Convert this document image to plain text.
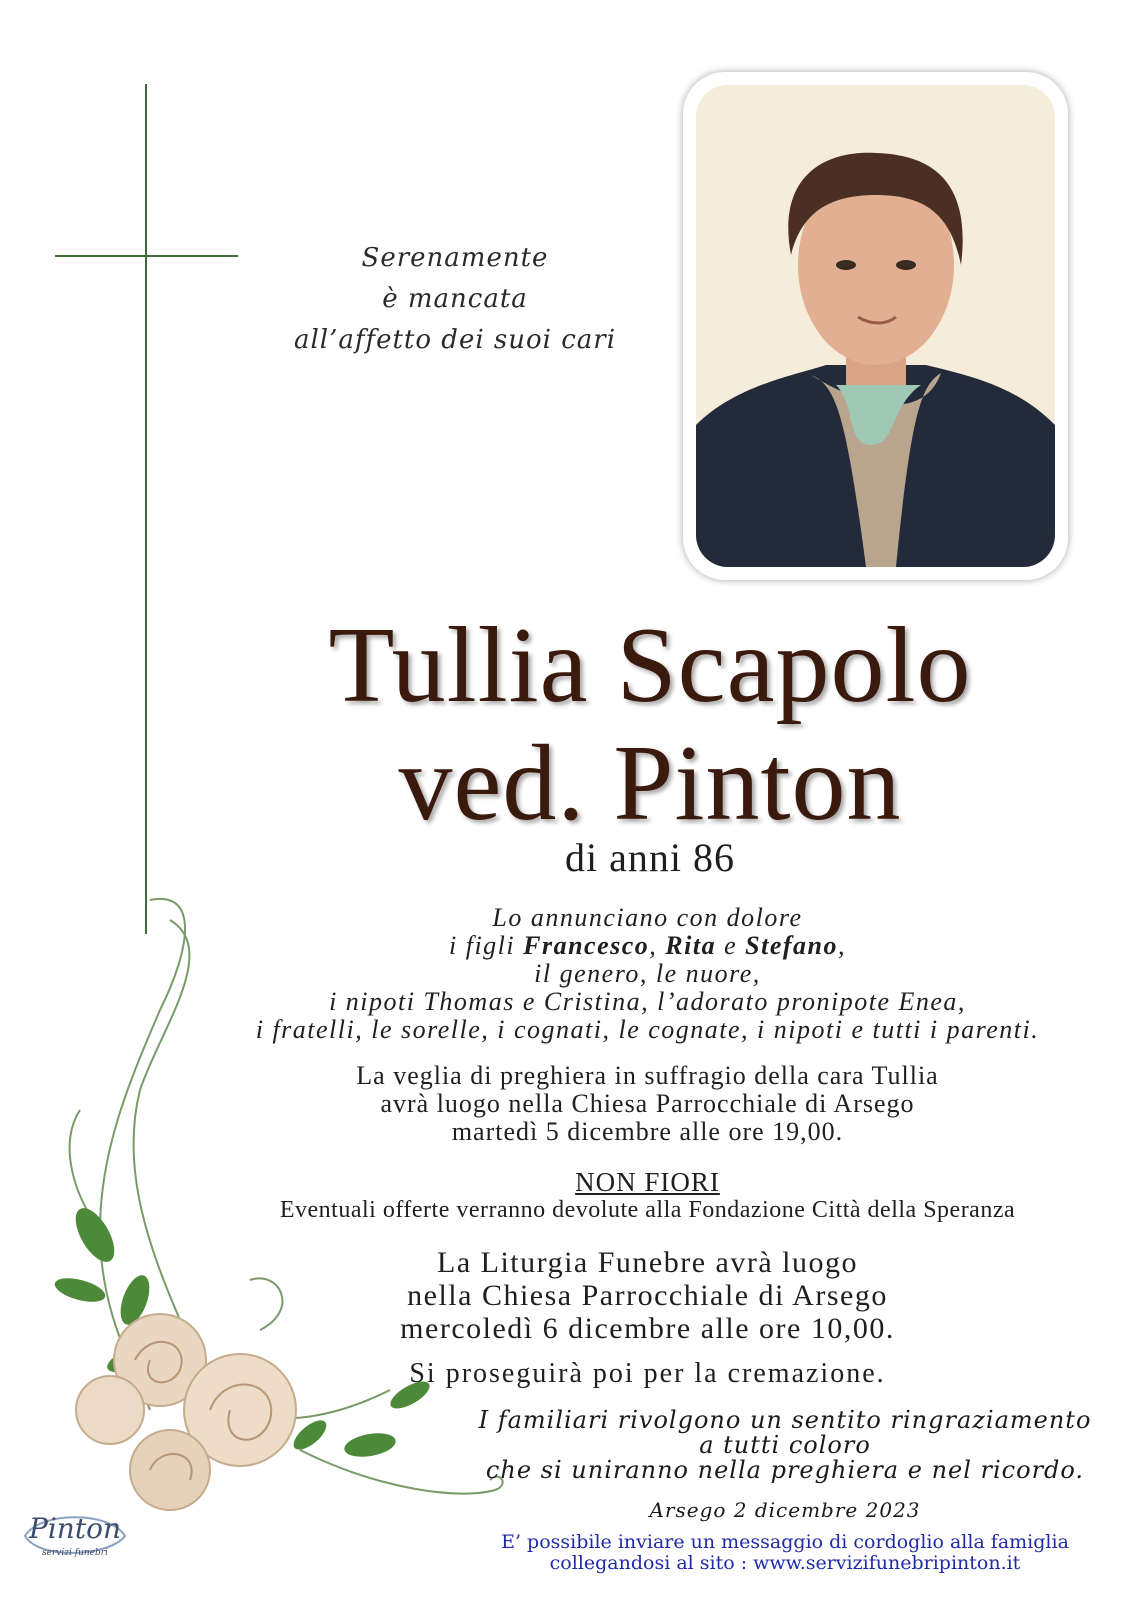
Serenamente
è mancata
all’affetto dei suoi cari
Tullia Scapolo
ved. Pinton
di anni 86
Lo annunciano con dolore
i figli Francesco, Rita e Stefano,
il genero, le nuore,
i nipoti Thomas e Cristina, l’adorato pronipote Enea,
i fratelli, le sorelle, i cognati, le cognate, i nipoti e tutti i parenti.
La veglia di preghiera in suffragio della cara Tullia
avrà luogo nella Chiesa Parrocchiale di Arsego
martedì 5 dicembre alle ore 19,00.
NON FIORI
Eventuali offerte verranno devolute alla Fondazione Città della Speranza
La Liturgia Funebre avrà luogo
nella Chiesa Parrocchiale di Arsego
mercoledì 6 dicembre alle ore 10,00.
Si proseguirà poi per la cremazione.
I familiari rivolgono un sentito ringraziamento
a tutti coloro
che si uniranno nella preghiera e nel ricordo.
Arsego 2 dicembre 2023
E’ possibile inviare un messaggio di cordoglio alla famiglia
collegandosi al sito : www.servizifunebripinton.it
Pinton
servizi funebri
